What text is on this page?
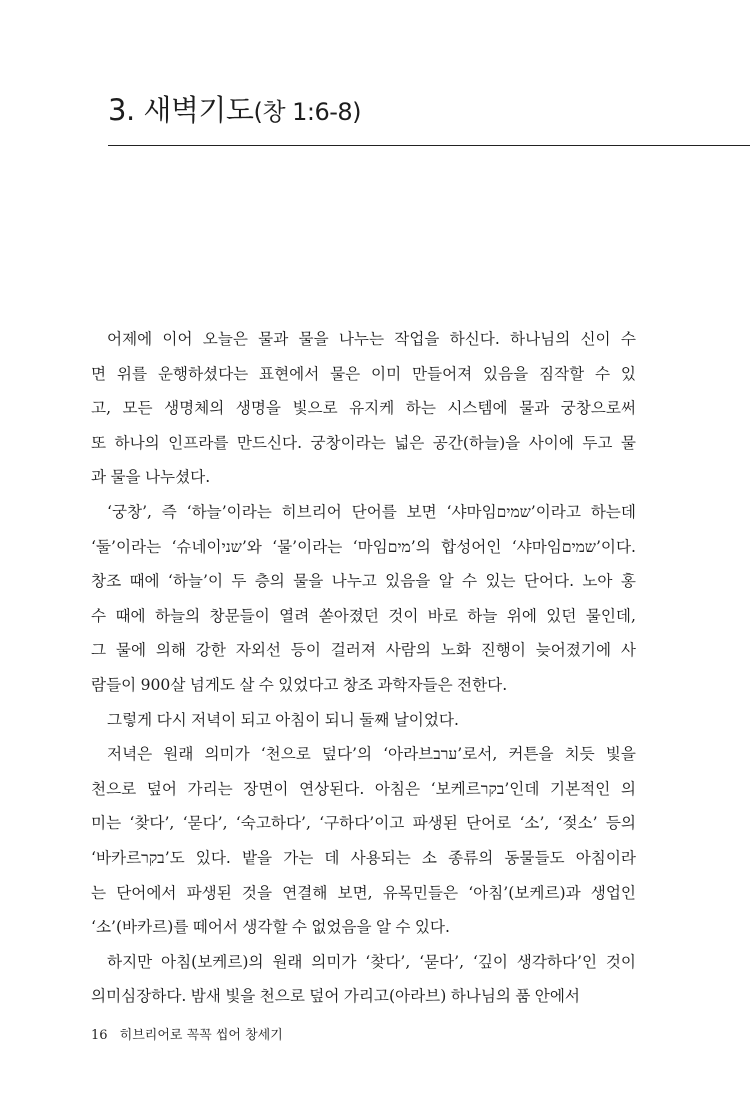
3. 새벽기도(창 1:6-8)
어제에 이어 오늘은 물과 물을 나누는 작업을 하신다. 하나님의 신이 수
면 위를 운행하셨다는 표현에서 물은 이미 만들어져 있음을 짐작할 수 있
고, 모든 생명체의 생명을 빛으로 유지케 하는 시스템에 물과 궁창으로써
또 하나의 인프라를 만드신다. 궁창이라는 넓은 공간(하늘)을 사이에 두고 물
과 물을 나누셨다.
‘궁창’, 즉 ‘하늘’이라는 히브리어 단어를 보면 ‘샤마임שמים’이라고 하는데
‘둘’이라는 ‘슈네이שני’와 ‘물’이라는 ‘마임מים’의 합성어인 ‘샤마임שמים’이다.
창조 때에 ‘하늘’이 두 층의 물을 나누고 있음을 알 수 있는 단어다. 노아 홍
수 때에 하늘의 창문들이 열려 쏟아졌던 것이 바로 하늘 위에 있던 물인데,
그 물에 의해 강한 자외선 등이 걸러져 사람의 노화 진행이 늦어졌기에 사
람들이 900살 넘게도 살 수 있었다고 창조 과학자들은 전한다.
그렇게 다시 저녁이 되고 아침이 되니 둘째 날이었다.
저녁은 원래 의미가 ‘천으로 덮다’의 ‘아라브ערב’로서, 커튼을 치듯 빛을
천으로 덮어 가리는 장면이 연상된다. 아침은 ‘보케르בקר’인데 기본적인 의
미는 ‘찾다’, ‘묻다’, ‘숙고하다’, ‘구하다’이고 파생된 단어로 ‘소’, ‘젖소’ 등의
‘바카르בקר’도 있다. 밭을 가는 데 사용되는 소 종류의 동물들도 아침이라
는 단어에서 파생된 것을 연결해 보면, 유목민들은 ‘아침’(보케르)과 생업인
‘소’(바카르)를 떼어서 생각할 수 없었음을 알 수 있다.
하지만 아침(보케르)의 원래 의미가 ‘찾다’, ‘묻다’, ‘깊이 생각하다’인 것이
의미심장하다. 밤새 빛을 천으로 덮어 가리고(아라브) 하나님의 품 안에서
16 히브리어로 꼭꼭 씹어 창세기
